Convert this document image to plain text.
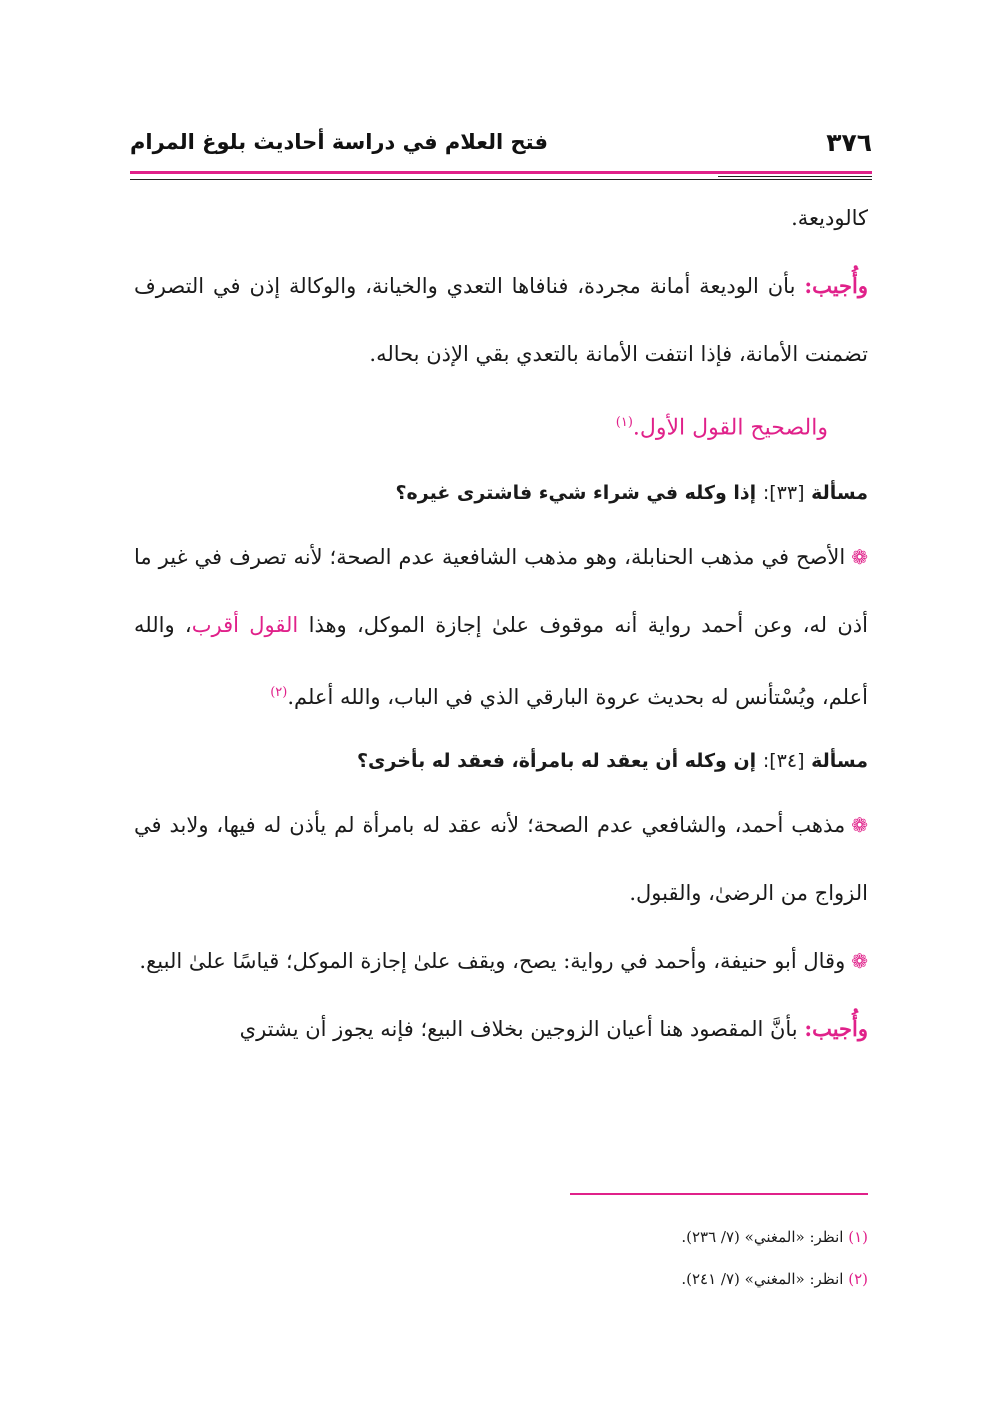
٣٧٦
فتح العلام في دراسة أحاديث بلوغ المرام

كالوديعة.

وأُجيب: بأن الوديعة أمانة مجردة، فنافاها التعدي والخيانة، والوكالة إذن في التصرف تضمنت الأمانة، فإذا انتفت الأمانة بالتعدي بقي الإذن بحاله.

والصحيح القول الأول.$^{(١)}$

مسألة [٣٣]: إذا وكله في شراء شيء فاشترى غيره؟

❁الأصح في مذهب الحنابلة، وهو مذهب الشافعية عدم الصحة؛ لأنه تصرف في غير ما أذن له، وعن أحمد رواية أنه موقوف علىٰ إجازة الموكل، وهذا القول أقرب، والله أعلم، ويُسْتأنس له بحديث عروة البارقي الذي في الباب، والله أعلم.$^{(٢)}$

مسألة [٣٤]: إن وكله أن يعقد له بامرأة، فعقد له بأخرى؟

❁مذهب أحمد، والشافعي عدم الصحة؛ لأنه عقد له بامرأة لم يأذن له فيها، ولابد في الزواج من الرضىٰ، والقبول.

❁وقال أبو حنيفة، وأحمد في رواية: يصح، ويقف علىٰ إجازة الموكل؛ قياسًا علىٰ البيع.

وأُجيب: بأنَّ المقصود هنا أعيان الزوجين بخلاف البيع؛ فإنه يجوز أن يشتري

(١) انظر: «المغني» (٧/ ٢٣٦).
(٢) انظر: «المغني» (٧/ ٢٤١).
